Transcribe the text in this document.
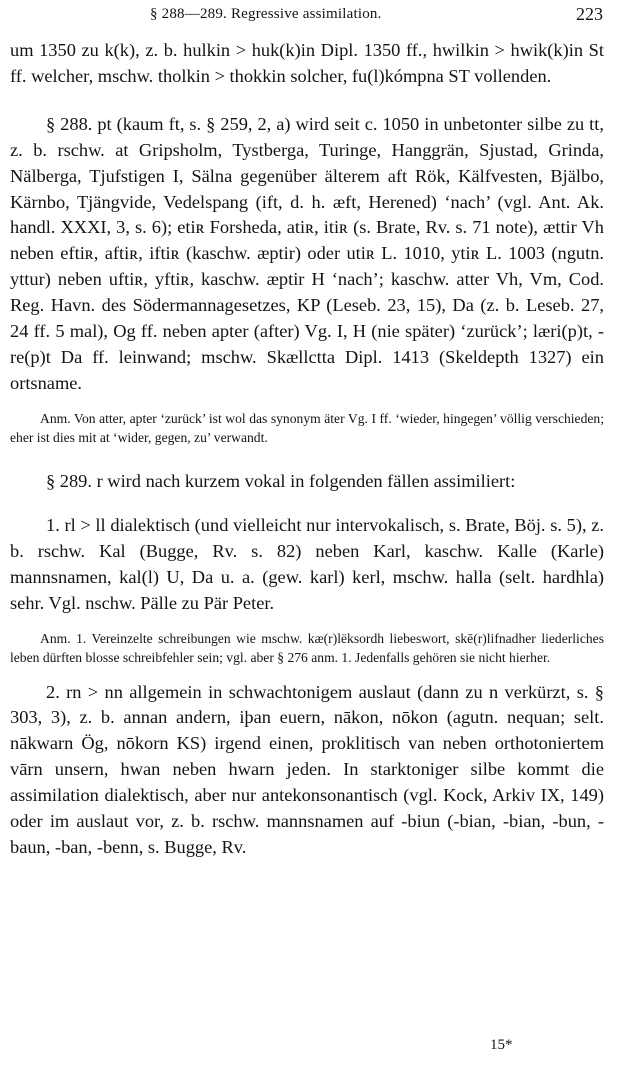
§ 288—289. Regressive assimilation.	223

um 1350 zu k(k), z. b. hulkin > huk(k)in Dipl. 1350 ff., hwilkin > hwik(k)in St ff. welcher, mschw. tholkin > thokkin solcher, fu(l)kómpna ST vollenden.

§ 288. pt (kaum ft, s. § 259, 2, a) wird seit c. 1050 in unbetonter silbe zu tt, z. b. rschw. at Gripsholm, Tystberga, Turinge, Hanggrän, Sjustad, Grinda, Nälberga, Tjufstigen I, Sälna gegenüber älterem aft Rök, Kälfvesten, Bjälbo, Kärnbo, Tjängvide, Vedelspang (ift, d. h. æft, Herened) ‘nach’ (vgl. Ant. Ak. handl. XXXI, 3, s. 6); etiʀ Forsheda, atiʀ, itiʀ (s. Brate, Rv. s. 71 note), ættir Vh neben eftiʀ, aftiʀ, iftiʀ (kaschw. æptir) oder utiʀ L. 1010, ytiʀ L. 1003 (ngutn. yttur) neben uftiʀ, yftiʀ, kaschw. æptir H ‘nach’; kaschw. atter Vh, Vm, Cod. Reg. Havn. des Södermannagesetzes, KP (Leseb. 23, 15), Da (z. b. Leseb. 27, 24 ff. 5 mal), Og ff. neben apter (after) Vg. I, H (nie später) ‘zurück’; læri(p)t, -re(p)t Da ff. leinwand; mschw. Skællctta Dipl. 1413 (Skeldepth 1327) ein ortsname.

Anm. Von atter, apter ‘zurück’ ist wol das synonym äter Vg. I ff. ‘wieder, hingegen’ völlig verschieden; eher ist dies mit at ‘wider, gegen, zu’ verwandt.

§ 289. r wird nach kurzem vokal in folgenden fällen assimiliert:

1. rl > ll dialektisch (und vielleicht nur intervokalisch, s. Brate, Böj. s. 5), z. b. rschw. Kal (Bugge, Rv. s. 82) neben Karl, kaschw. Kalle (Karle) mannsnamen, kal(l) U, Da u. a. (gew. karl) kerl, mschw. halla (selt. hardhla) sehr. Vgl. nschw. Pälle zu Pär Peter.

Anm. 1. Vereinzelte schreibungen wie mschw. kæ(r)lëksordh liebeswort, skē(r)lifnadher liederliches leben dürften blosse schreibfehler sein; vgl. aber § 276 anm. 1. Jedenfalls gehören sie nicht hierher.

2. rn > nn allgemein in schwachtonigem auslaut (dann zu n verkürzt, s. § 303, 3), z. b. annan andern, iþan euern, nākon, nōkon (agutn. nequan; selt. nākwarn Ög, nōkorn KS) irgend einen, proklitisch van neben orthotoniertem vārn unsern, hwan neben hwarn jeden. In starktoniger silbe kommt die assimilation dialektisch, aber nur antekonsonantisch (vgl. Kock, Arkiv IX, 149) oder im auslaut vor, z. b. rschw. mannsnamen auf -biun (-bian, -bian, -bun, -baun, -ban, -benn, s. Bugge, Rv.

15*
